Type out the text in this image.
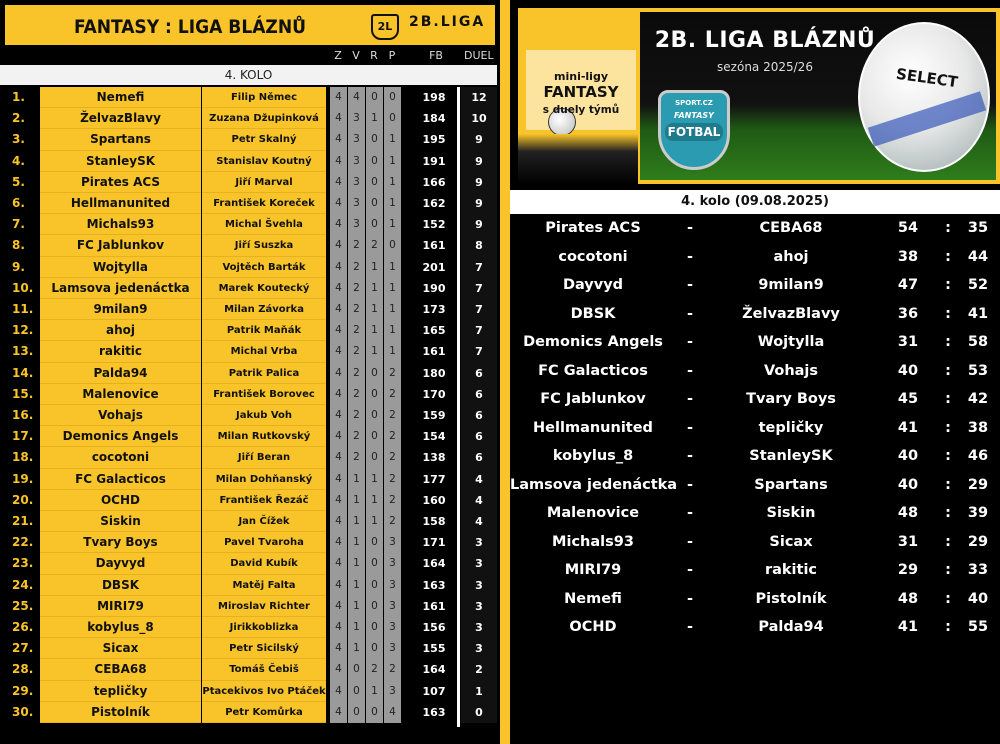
FANTASY : LIGA BLÁZNŮ	2L	2B.LIGA
Z V R P	FB DUEL
4. KOLO
1.	Nemefi	Filip Němec	4	4	0	0	198	12
2.	ŽelvazBlavy	Zuzana Džupinková	4	3	1	0	184	10
3.	Spartans	Petr Skalný	4	3	0	1	195	9
4.	StanleySK	Stanislav Koutný	4	3	0	1	191	9
5.	Pirates ACS	Jiří Marval	4	3	0	1	166	9
6.	Hellmanunited	František Koreček	4	3	0	1	162	9
7.	Michals93	Michal Švehla	4	3	0	1	152	9
8.	FC Jablunkov	Jiří Suszka	4	2	2	0	161	8
9.	Wojtylla	Vojtěch Barták	4	2	1	1	201	7
10.	Lamsova jedenáctka	Marek Koutecký	4	2	1	1	190	7
11.	9milan9	Milan Závorka	4	2	1	1	173	7
12.	ahoj	Patrik Maňák	4	2	1	1	165	7
13.	rakitic	Michal Vrba	4	2	1	1	161	7
14.	Palda94	Patrik Palica	4	2	0	2	180	6
15.	Malenovice	František Borovec	4	2	0	2	170	6
16.	Vohajs	Jakub Voh	4	2	0	2	159	6
17.	Demonics Angels	Milan Rutkovský	4	2	0	2	154	6
18.	cocotoni	Jiří Beran	4	2	0	2	138	6
19.	FC Galacticos	Milan Dohňanský	4	1	1	2	177	4
20.	OCHD	František Řezáč	4	1	1	2	160	4
21.	Siskin	Jan Čížek	4	1	1	2	158	4
22.	Tvary Boys	Pavel Tvaroha	4	1	0	3	171	3
23.	Dayvyd	David Kubík	4	1	0	3	164	3
24.	DBSK	Matěj Falta	4	1	0	3	163	3
25.	MIRI79	Miroslav Richter	4	1	0	3	161	3
26.	kobylus_8	Jirikkoblizka	4	1	0	3	156	3
27.	Sicax	Petr Sicilský	4	1	0	3	155	3
28.	CEBA68	Tomáš Čebiš	4	0	2	2	164	2
29.	tepličky	Ptacekivos Ivo Ptáček 4	0	1	3	107	1
30.	Pistolník	Petr Komůrka	4	0	0	4	163	0
mini-ligy
FANTASY
s duely týmů
2B. LIGA BLÁZNŮ
sezóna 2025/26
SPORT.CZ
FANTASY
FOTBAL
SELECT
4. kolo (09.08.2025)
Pirates ACS	-	CEBA68	54	:	35
cocotoni	-	ahoj	38	:	44
Dayvyd	-	9milan9	47	:	52
DBSK	-	ŽelvazBlavy	36	:	41
Demonics Angels	-	Wojtylla	31	:	58
FC Galacticos	-	Vohajs	40	:	53
FC Jablunkov	-	Tvary Boys	45	:	42
Hellmanunited	-	tepličky	41	:	38
kobylus_8	-	StanleySK	40	:	46
Lamsova jedenáctka -	Spartans	40	:	29
Malenovice	-	Siskin	48	:	39
Michals93	-	Sicax	31	:	29
MIRI79	-	rakitic	29	:	33
Nemefi	-	Pistolník	48	:	40
OCHD	-	Palda94	41	:	55
